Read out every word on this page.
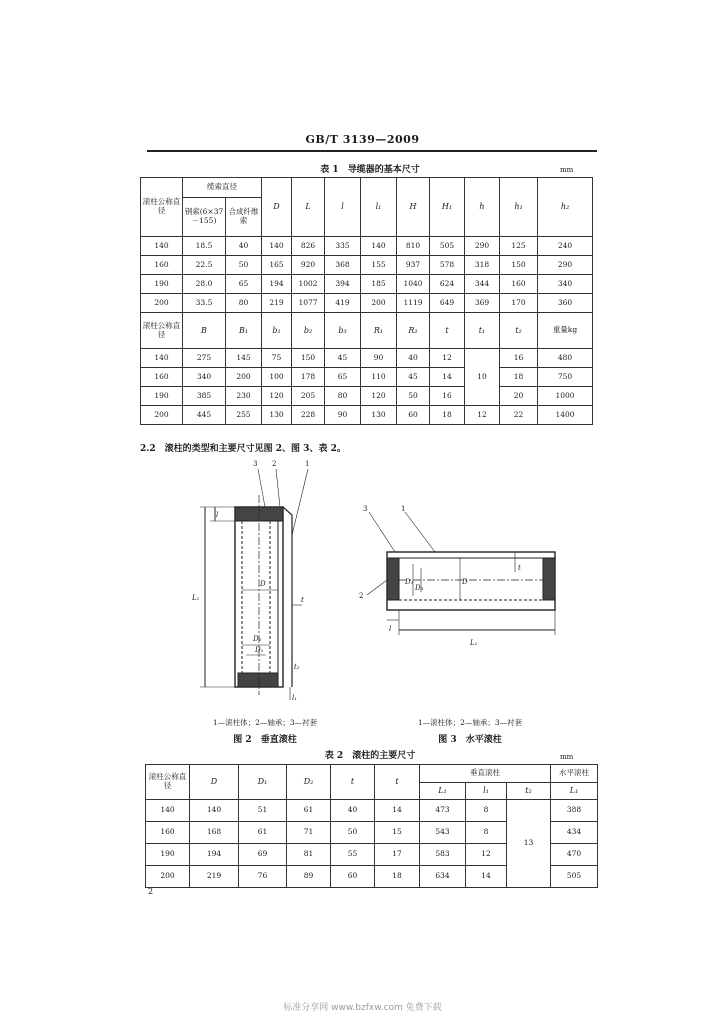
GB/T 3139—2009
表 1　导缆器的基本尺寸	mm
滚柱公称直径	缆索直径		D	L	l	l₁	H	H₁	h	h₁	h₂
	钢索(6×37－155)	合成纤维索									
140	18.5	40	140	826	335	140	810	505	290	125	240
160	22.5	50	165	920	368	155	937	578	318	150	290
190	28.0	65	194	1002	394	185	1040	624	344	160	340
200	33.5	80	219	1077	419	200	1119	649	369	170	360
滚柱公称直径	B	B₁	b₁	b₂	b₃	R₁	R₂	t	t₁	t₂	重量kg
140	275	145	75	150	45	90	40	12	10	16	480
160	340	200	100	178	65	110	45	14		18	750
190	385	230	120	205	80	120	50	16		20	1000
200	445	255	130	228	90	130	60	18	12	22	1400
2.2　滚柱的类型和主要尺寸见图 2、图 3、表 2。
3 2	1
l
L₁
D
t
D₂
D₁
t₂
l₁
3	1
2
D₁
D₃
D
t
l
L₁
1—滚柱体；2—轴承；3—衬套
图 2　垂直滚柱
1—滚柱体；2—轴承；3—衬套
图 3　水平滚柱
表 2　滚柱的主要尺寸	mm
滚柱公称直径	D	D₁	D₂	t	t	垂直滚柱			水平滚柱
						L₁	l₁	t₂	L₁
140	140	51	61	40	14	473	8	13	388
160	168	61	71	50	15	543	8		434
190	194	69	81	55	17	583	12		470
200	219	76	89	60	18	634	14		505
2
标准分享网 www.bzfxw.com 免费下载
